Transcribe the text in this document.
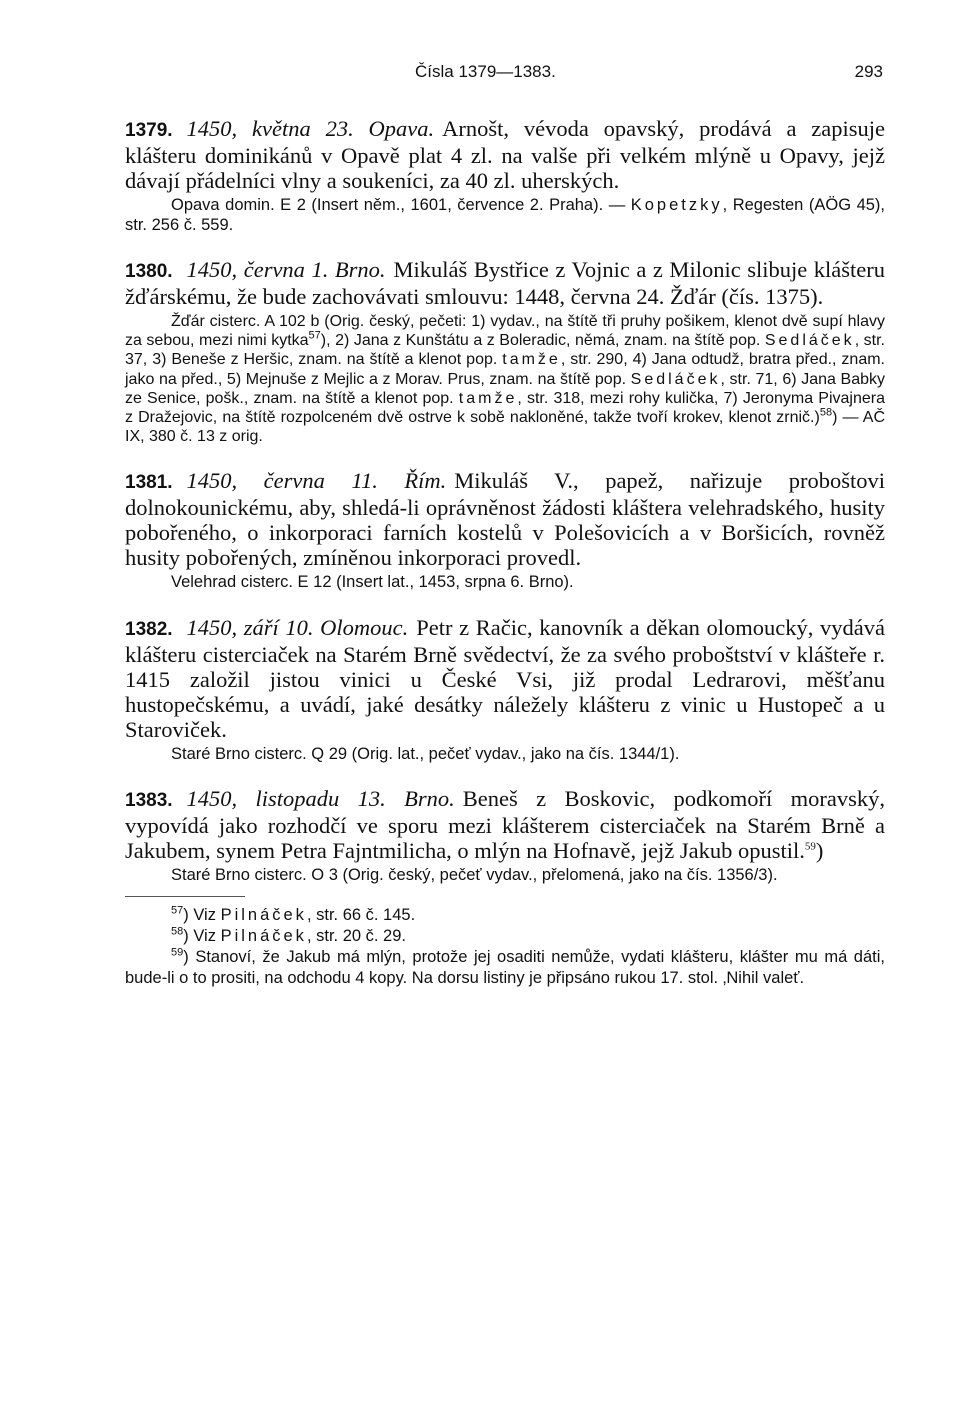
Čísla 1379—1383.	293
1379. 1450, května 23. Opava. Arnošt, vévoda opavský, prodává a zapisuje klášteru dominikánů v Opavě plat 4 zl. na valše při velkém mlýně u Opavy, jejž dávají přádelníci vlny a soukeníci, za 40 zl. uherských.
Opava domin. E 2 (Insert něm., 1601, července 2. Praha). — Kopetzky, Regesten (AÖG 45), str. 256 č. 559.
1380. 1450, června 1. Brno. Mikuláš Bystřice z Vojnic a z Milonic slibuje klášteru žďárskému, že bude zachovávati smlouvu: 1448, června 24. Žďár (čís. 1375).
Žďár cisterc. A 102 b (Orig. český, pečeti: 1) vydav., na štítě tři pruhy pošikem, klenot dvě supí hlavy za sebou, mezi nimi kytka$^{57}$), 2) Jana z Kunštátu a z Boleradic, němá, znam. na štítě pop. Sedláček, str. 37, 3) Beneše z Heršic, znam. na štítě a klenot pop. tamže, str. 290, 4) Jana odtudž, bratra před., znam. jako na před., 5) Mejnuše z Mejlic a z Morav. Prus, znam. na štítě pop. Sedláček, str. 71, 6) Jana Babky ze Senice, pošk., znam. na štítě a klenot pop. tamže, str. 318, mezi rohy kulička, 7) Jeronyma Pivajnera z Dražejovic, na štítě rozpolceném dvě ostrve k sobě nakloněné, takže tvoří krokev, klenot zrnič.)$^{58}$) — AČ IX, 380 č. 13 z orig.
1381. 1450, června 11. Řím. Mikuláš V., papež, nařizuje proboštovi dolnokounickému, aby, shledá-li oprávněnost žádosti kláštera velehradského, husity pobořeného, o inkorporaci farních kostelů v Polešovicích a v Boršicích, rovněž husity pobořených, zmíněnou inkorporaci provedl.
Velehrad cisterc. E 12 (Insert lat., 1453, srpna 6. Brno).
1382. 1450, září 10. Olomouc. Petr z Račic, kanovník a děkan olomoucký, vydává klášteru cisterciaček na Starém Brně svědectví, že za svého proboštství v klášteře r. 1415 založil jistou vinici u České Vsi, již prodal Ledrarovi, měšťanu hustopečskému, a uvádí, jaké desátky náležely klášteru z vinic u Hustopeč a u Staroviček.
Staré Brno cisterc. Q 29 (Orig. lat., pečeť vydav., jako na čís. 1344/1).
1383. 1450, listopadu 13. Brno. Beneš z Boskovic, podkomoří moravský, vypovídá jako rozhodčí ve sporu mezi klášterem cisterciaček na Starém Brně a Jakubem, synem Petra Fajntmilicha, o mlýn na Hofnavě, jejž Jakub opustil.$^{59}$)
Staré Brno cisterc. O 3 (Orig. český, pečeť vydav., přelomená, jako na čís. 1356/3).
$^{57}$) Viz Pilnáček, str. 66 č. 145.
$^{58}$) Viz Pilnáček, str. 20 č. 29.
$^{59}$) Stanoví, že Jakub má mlýn, protože jej osaditi nemůže, vydati klášteru, klášter mu má dáti, bude-li o to prositi, na odchodu 4 kopy. Na dorsu listiny je připsáno rukou 17. stol. ‚Nihil valeť.
